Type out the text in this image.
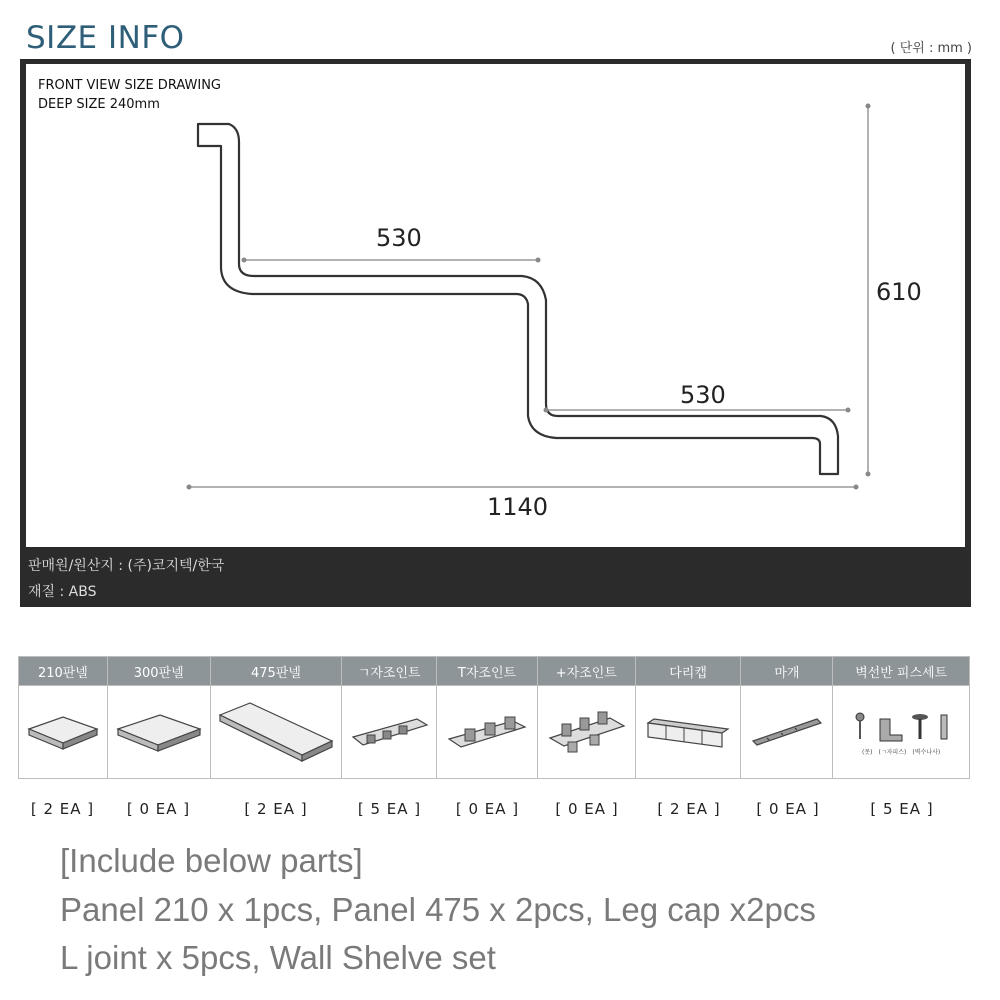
SIZE INFO	( 단위 : mm )
FRONT VIEW SIZE DRAWING
DEEP SIZE 240mm
530
530
610
1140
판매원/원산지 : (주)코지텍/한국
재질 : ABS
210판넬	300판넬	475판넬	ㄱ자조인트	T자조인트	+자조인트	다리캡	마개	벽선반 피스세트
(못) (ㄱ자피스) (벽수나사)
[ 2 EA ]	[ 0 EA ]	[ 2 EA ]	[ 5 EA ]	[ 0 EA ]	[ 0 EA ]	[ 2 EA ]	[ 0 EA ]	[ 5 EA ]
[Include below parts]
Panel 210 x 1pcs, Panel 475 x 2pcs, Leg cap x2pcs
L joint x 5pcs, Wall Shelve set
